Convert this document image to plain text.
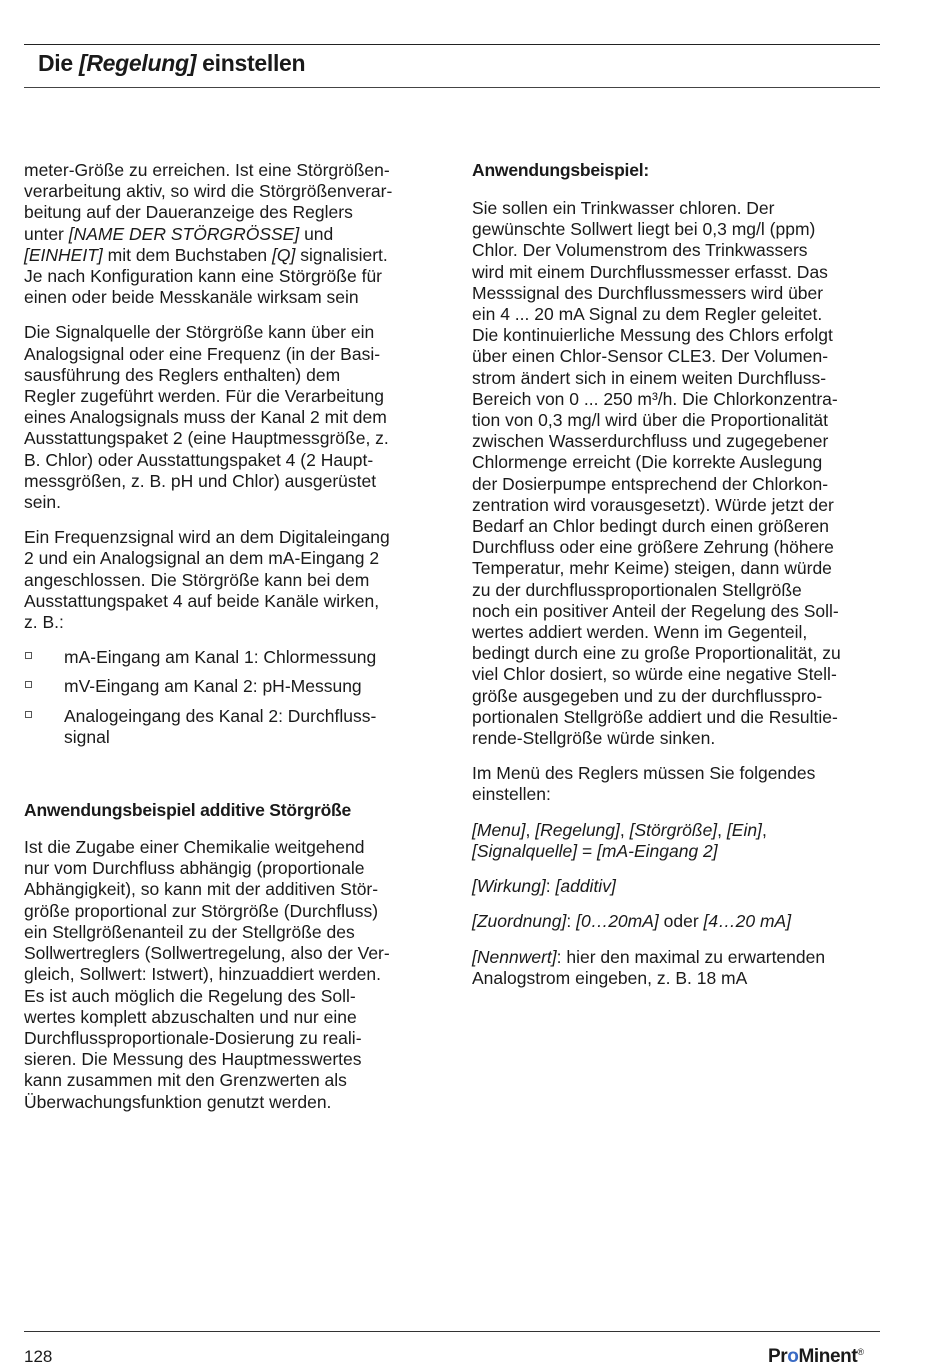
Die [Regelung] einstellen

meter-Größe zu erreichen. Ist eine Störgrößen-
verarbeitung aktiv, so wird die Störgrößenverar-
beitung auf der Daueranzeige des Reglers
unter [NAME DER STÖRGRÖSSE] und
[EINHEIT] mit dem Buchstaben [Q] signalisiert.
Je nach Konfiguration kann eine Störgröße für
einen oder beide Messkanäle wirksam sein

Die Signalquelle der Störgröße kann über ein
Analogsignal oder eine Frequenz (in der Basi-
sausführung des Reglers enthalten) dem
Regler zugeführt werden. Für die Verarbeitung
eines Analogsignals muss der Kanal 2 mit dem
Ausstattungspaket 2 (eine Hauptmessgröße, z.
B. Chlor) oder Ausstattungspaket 4 (2 Haupt-
messgrößen, z. B. pH und Chlor) ausgerüstet
sein.

Ein Frequenzsignal wird an dem Digitaleingang
2 und ein Analogsignal an dem mA-Eingang 2
angeschlossen. Die Störgröße kann bei dem
Ausstattungspaket 4 auf beide Kanäle wirken,
z. B.:

mA-Eingang am Kanal 1: Chlormessung
mV-Eingang am Kanal 2: pH-Messung
Analogeingang des Kanal 2: Durchfluss-
signal
Anwendungsbeispiel additive Störgröße

Ist die Zugabe einer Chemikalie weitgehend
nur vom Durchfluss abhängig (proportionale
Abhängigkeit), so kann mit der additiven Stör-
größe proportional zur Störgröße (Durchfluss)
ein Stellgrößenanteil zu der Stellgröße des
Sollwertreglers (Sollwertregelung, also der Ver-
gleich, Sollwert: Istwert), hinzuaddiert werden.
Es ist auch möglich die Regelung des Soll-
wertes komplett abzuschalten und nur eine
Durchflussproportionale-Dosierung zu reali-
sieren. Die Messung des Hauptmesswertes
kann zusammen mit den Grenzwerten als
Überwachungsfunktion genutzt werden.

Anwendungsbeispiel:

Sie sollen ein Trinkwasser chloren. Der
gewünschte Sollwert liegt bei 0,3 mg/l (ppm)
Chlor. Der Volumenstrom des Trinkwassers
wird mit einem Durchflussmesser erfasst. Das
Messsignal des Durchflussmessers wird über
ein 4 ... 20 mA Signal zu dem Regler geleitet.
Die kontinuierliche Messung des Chlors erfolgt
über einen Chlor-Sensor CLE3. Der Volumen-
strom ändert sich in einem weiten Durchfluss-
Bereich von 0 ... 250 m³/h. Die Chlorkonzentra-
tion von 0,3 mg/l wird über die Proportionalität
zwischen Wasserdurchfluss und zugegebener
Chlormenge erreicht (Die korrekte Auslegung
der Dosierpumpe entsprechend der Chlorkon-
zentration wird vorausgesetzt). Würde jetzt der
Bedarf an Chlor bedingt durch einen größeren
Durchfluss oder eine größere Zehrung (höhere
Temperatur, mehr Keime) steigen, dann würde
zu der durchflussproportionalen Stellgröße
noch ein positiver Anteil der Regelung des Soll-
wertes addiert werden. Wenn im Gegenteil,
bedingt durch eine zu große Proportionalität, zu
viel Chlor dosiert, so würde eine negative Stell-
größe ausgegeben und zu der durchflusspro-
portionalen Stellgröße addiert und die Resultie-
rende-Stellgröße würde sinken.

Im Menü des Reglers müssen Sie folgendes
einstellen:

[Menu], [Regelung], [Störgröße], [Ein],
[Signalquelle] = [mA-Eingang 2]

[Wirkung]: [additiv]

[Zuordnung]: [0…20mA] oder [4…20 mA]

[Nennwert]: hier den maximal zu erwartenden
Analogstrom eingeben, z. B. 18 mA

128	ProMinent®
